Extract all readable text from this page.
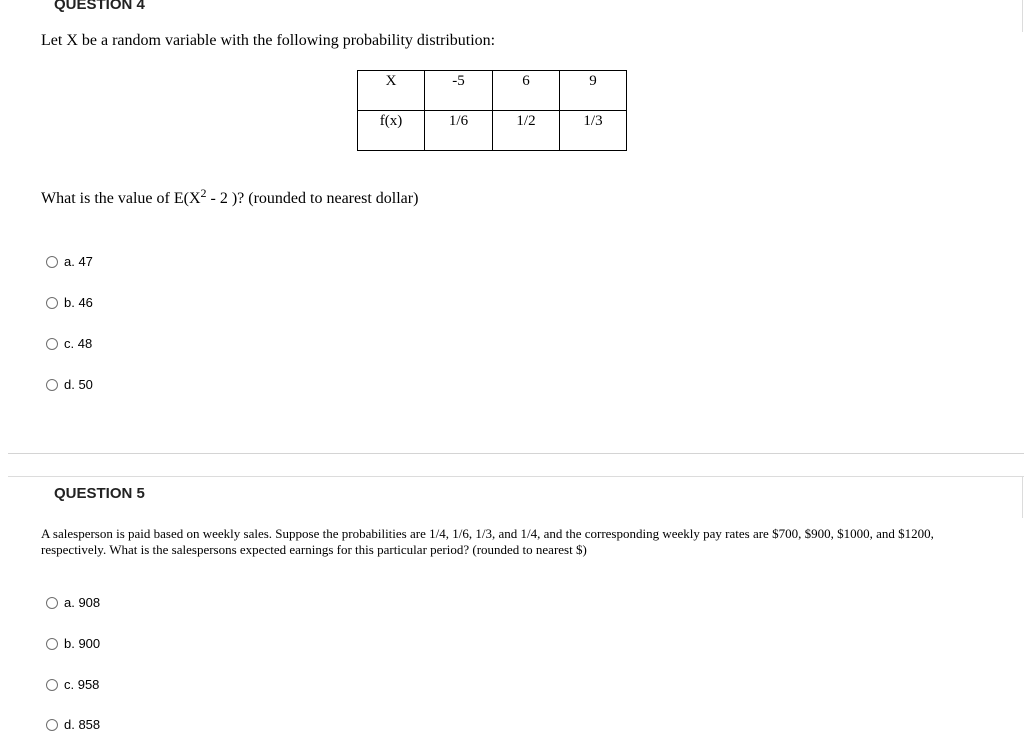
QUESTION 4
Let X be a random variable with the following probability distribution:
X	-5	6	9
f(x)	1/6	1/2	1/3
What is the value of $E(X^2 - 2$ )? (rounded to nearest dollar)
a. 47
b. 46
c. 48
d. 50
QUESTION 5
A salesperson is paid based on weekly sales. Suppose the probabilities are 1/4, 1/6, 1/3, and 1/4, and the corresponding weekly pay rates are $700, $900, $1000, and $1200, respectively. What is the salespersons expected earnings for this particular period? (rounded to nearest $)
a. 908
b. 900
c. 958
d. 858
